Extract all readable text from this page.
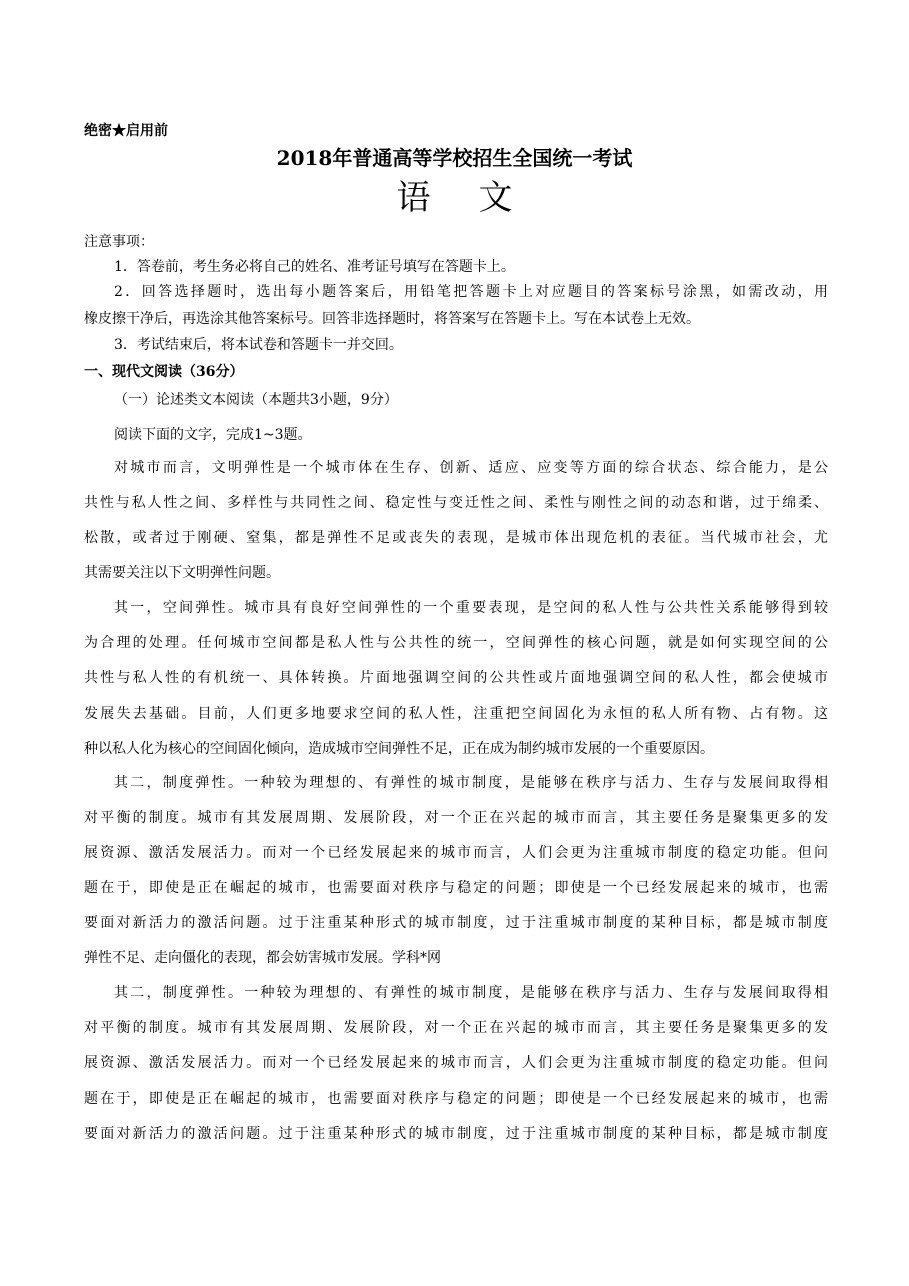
绝密★启用前
2018年普通高等学校招生全国统一考试
语文
注意事项：
1．答卷前，考生务必将自己的姓名、准考证号填写在答题卡上。
2．回答选择题时，选出每小题答案后，用铅笔把答题卡上对应题目的答案标号涂黑，如需改动，用
橡皮擦干净后，再选涂其他答案标号。回答非选择题时，将答案写在答题卡上。写在本试卷上无效。
3．考试结束后，将本试卷和答题卡一并交回。
一、现代文阅读（36分）
（一）论述类文本阅读（本题共3小题，9分）
阅读下面的文字，完成1~3题。
对城市而言，文明弹性是一个城市体在生存、创新、适应、应变等方面的综合状态、综合能力，是公
共性与私人性之间、多样性与共同性之间、稳定性与变迁性之间、柔性与刚性之间的动态和谐，过于绵柔、
松散，或者过于刚硬、窒集，都是弹性不足或丧失的表现，是城市体出现危机的表征。当代城市社会，尤
其需要关注以下文明弹性问题。
其一，空间弹性。城市具有良好空间弹性的一个重要表现，是空间的私人性与公共性关系能够得到较
为合理的处理。任何城市空间都是私人性与公共性的统一，空间弹性的核心问题，就是如何实现空间的公
共性与私人性的有机统一、具体转换。片面地强调空间的公共性或片面地强调空间的私人性，都会使城市
发展失去基础。目前，人们更多地要求空间的私人性，注重把空间固化为永恒的私人所有物、占有物。这
种以私人化为核心的空间固化倾向，造成城市空间弹性不足，正在成为制约城市发展的一个重要原因。
其二，制度弹性。一种较为理想的、有弹性的城市制度，是能够在秩序与活力、生存与发展间取得相
对平衡的制度。城市有其发展周期、发展阶段，对一个正在兴起的城市而言，其主要任务是聚集更多的发
展资源、激活发展活力。而对一个已经发展起来的城市而言，人们会更为注重城市制度的稳定功能。但问
题在于，即使是正在崛起的城市，也需要面对秩序与稳定的问题；即使是一个已经发展起来的城市，也需
要面对新活力的激活问题。过于注重某种形式的城市制度，过于注重城市制度的某种目标，都是城市制度
弹性不足、走向僵化的表现，都会妨害城市发展。学科*网
其二，制度弹性。一种较为理想的、有弹性的城市制度，是能够在秩序与活力、生存与发展间取得相
对平衡的制度。城市有其发展周期、发展阶段，对一个正在兴起的城市而言，其主要任务是聚集更多的发
展资源、激活发展活力。而对一个已经发展起来的城市而言，人们会更为注重城市制度的稳定功能。但问
题在于，即使是正在崛起的城市，也需要面对秩序与稳定的问题；即使是一个已经发展起来的城市，也需
要面对新活力的激活问题。过于注重某种形式的城市制度，过于注重城市制度的某种目标，都是城市制度
